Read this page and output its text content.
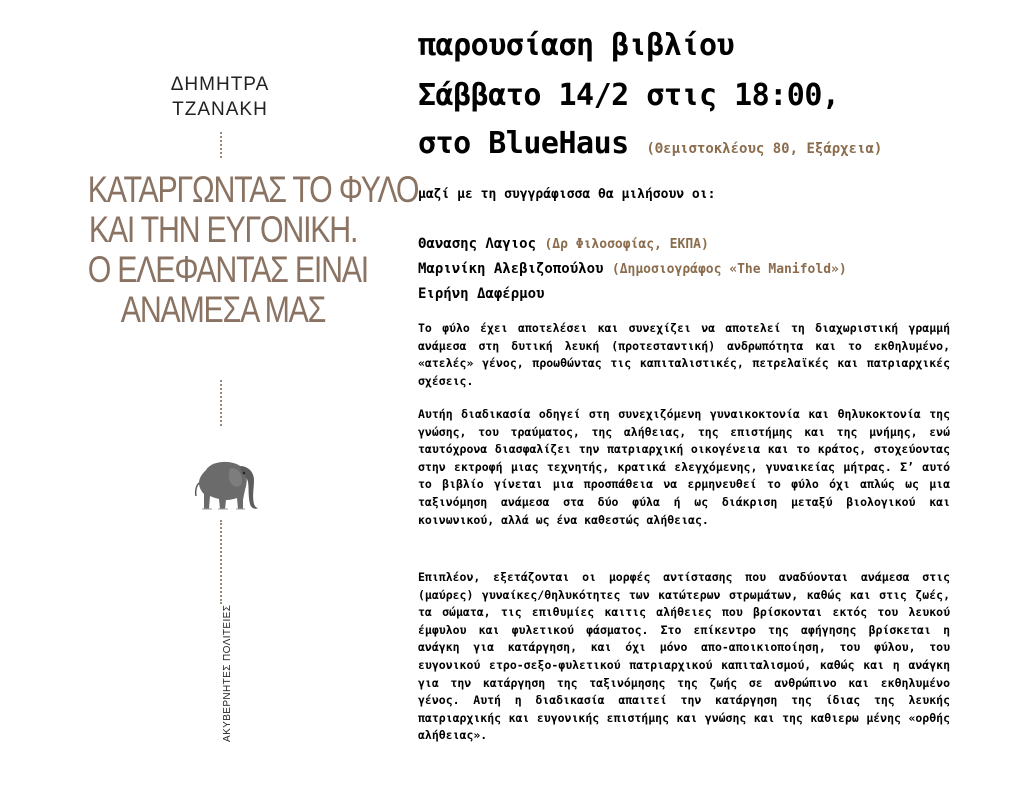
ΔΗΜΗΤΡΑ
ΤΖΑΝΑΚΗ
ΚΑΤΑΡΓΩΝΤΑΣ ΤΟ ΦΥΛΟ
ΚΑΙ ΤΗΝ ΕΥΓΟΝΙΚΗ.
Ο ΕΛΕΦΑΝΤΑΣ ΕΙΝΑΙ
ΑΝΑΜΕΣΑ ΜΑΣ
ΑΚΥΒΕΡΝΗΤΕΣ ΠΟΛΙΤΕΙΕΣ
παρουσίαση βιβλίου
Σάββατο 14/2 στις 18:00,
στο BlueHaus (Θεμιστοκλέους 80, Εξάρχεια)
μαζί με τη συγγράφισσα θα μιλήσουν οι:
Θανασης Λαγιος (Δρ Φιλοσοφίας, ΕΚΠΑ)
Μαρινίκη Αλεβιζοπούλου (Δημοσιογράφος «The Manifold»)
Ειρήνη Δαφέρμου

Το φύλο έχει αποτελέσει και συνεχίζει να αποτελεί τη διαχωριστική γραμμή ανάμεσα στη δυτική λευκή (προτεσταντική) ανδρωπότητα και το εκθηλυμένο, «ατελές» γένος, προωθώντας τις καπιταλιστικές, πετρελαϊκές και πατριαρχικές σχέσεις.

Αυτήη διαδικασία οδηγεί στη συνεχιζόμενη γυναικοκτονία και θηλυκοκτονία της γνώσης, του τραύματος, της αλήθειας, της επιστήμης και της μνήμης, ενώ ταυτόχρονα διασφαλίζει την πατριαρχική οικογένεια και το κράτος, στοχεύοντας στην εκτροφή μιας τεχνητής, κρατικά ελεγχόμενης, γυναικείας μήτρας. Σ’ αυτό το βιβλίο γίνεται μια προσπάθεια να ερμηνευθεί το φύλο όχι απλώς ως μια ταξινόμηση ανάμεσα στα δύο φύλα ή ως διάκριση μεταξύ βιολογικού και κοινωνικού, αλλά ως ένα καθεστώς αλήθειας.

Επιπλέον, εξετάζονται οι μορφές αντίστασης που αναδύονται ανάμεσα στις (μαύρες) γυναίκες/θηλυκότητες των κατώτερων στρωμάτων, καθώς και στις ζωές, τα σώματα, τις επιθυμίες καιτις αλήθειες που βρίσκονται εκτός του λευκού έμφυλου και φυλετικού φάσματος. Στο επίκεντρο της αφήγησης βρίσκεται η ανάγκη για κατάργηση, και όχι μόνο απο-αποικιοποίηση, του φύλου, του ευγονικού ετρο-σεξο-φυλετικού πατριαρχικού καπιταλισμού, καθώς και η ανάγκη για την κατάργηση της ταξινόμησης της ζωής σε ανθρώπινο και εκθηλυμένο γένος. Αυτή η διαδικασία απαιτεί την κατάργηση της ίδιας της λευκής πατριαρχικής και ευγονικής επιστήμης και γνώσης και της καθιερω μένης «ορθής αλήθειας».
